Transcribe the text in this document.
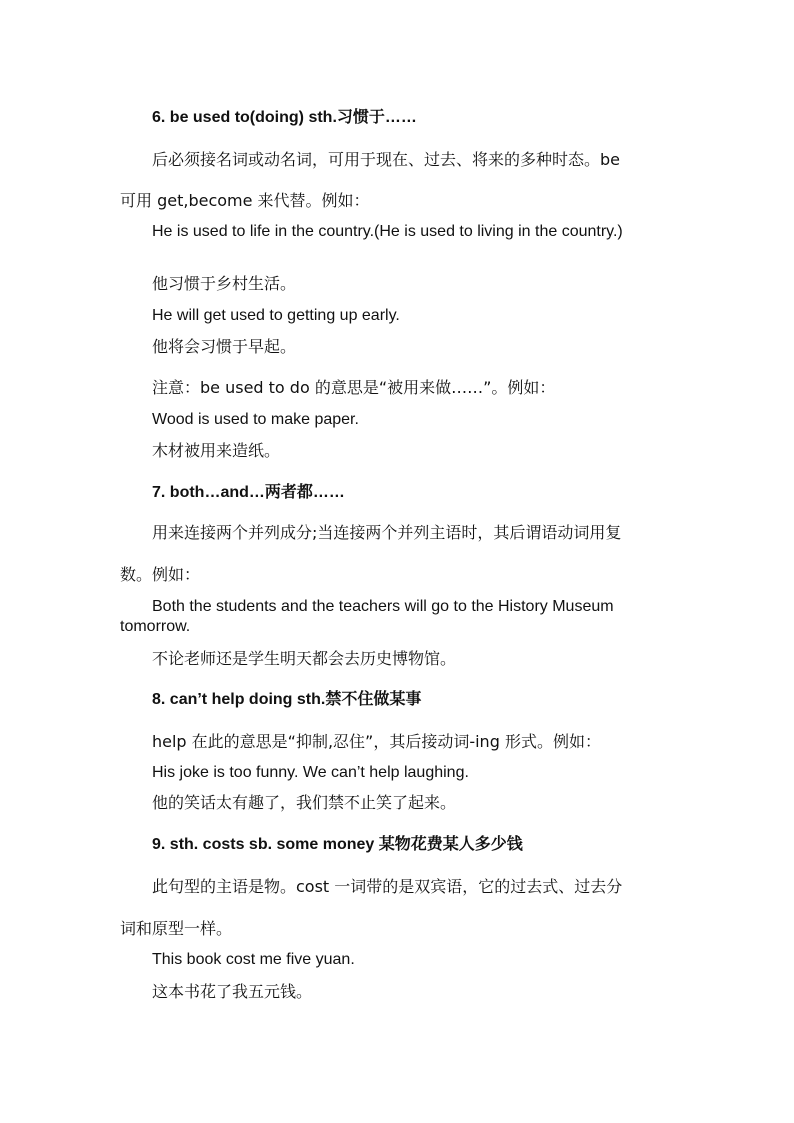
6. be used to(doing) sth.习惯于……
后必须接名词或动名词，可用于现在、过去、将来的多种时态。be
可用 get,become 来代替。例如：
He is used to life in the country.(He is used to living in the country.)
他习惯于乡村生活。
He will get used to getting up early.
他将会习惯于早起。
注意：be used to do 的意思是“被用来做……”。例如：
Wood is used to make paper.
木材被用来造纸。
7. both…and…两者都……
用来连接两个并列成分;当连接两个并列主语时，其后谓语动词用复
数。例如：
Both the students and the teachers will go to the History Museum tomorrow.
不论老师还是学生明天都会去历史博物馆。
8. can’t help doing sth.禁不住做某事
help 在此的意思是“抑制,忍住”，其后接动词-ing 形式。例如：
His joke is too funny. We can’t help laughing.
他的笑话太有趣了，我们禁不止笑了起来。
9. sth. costs sb. some money 某物花费某人多少钱
此句型的主语是物。cost 一词带的是双宾语，它的过去式、过去分
词和原型一样。
This book cost me five yuan.
这本书花了我五元钱。
